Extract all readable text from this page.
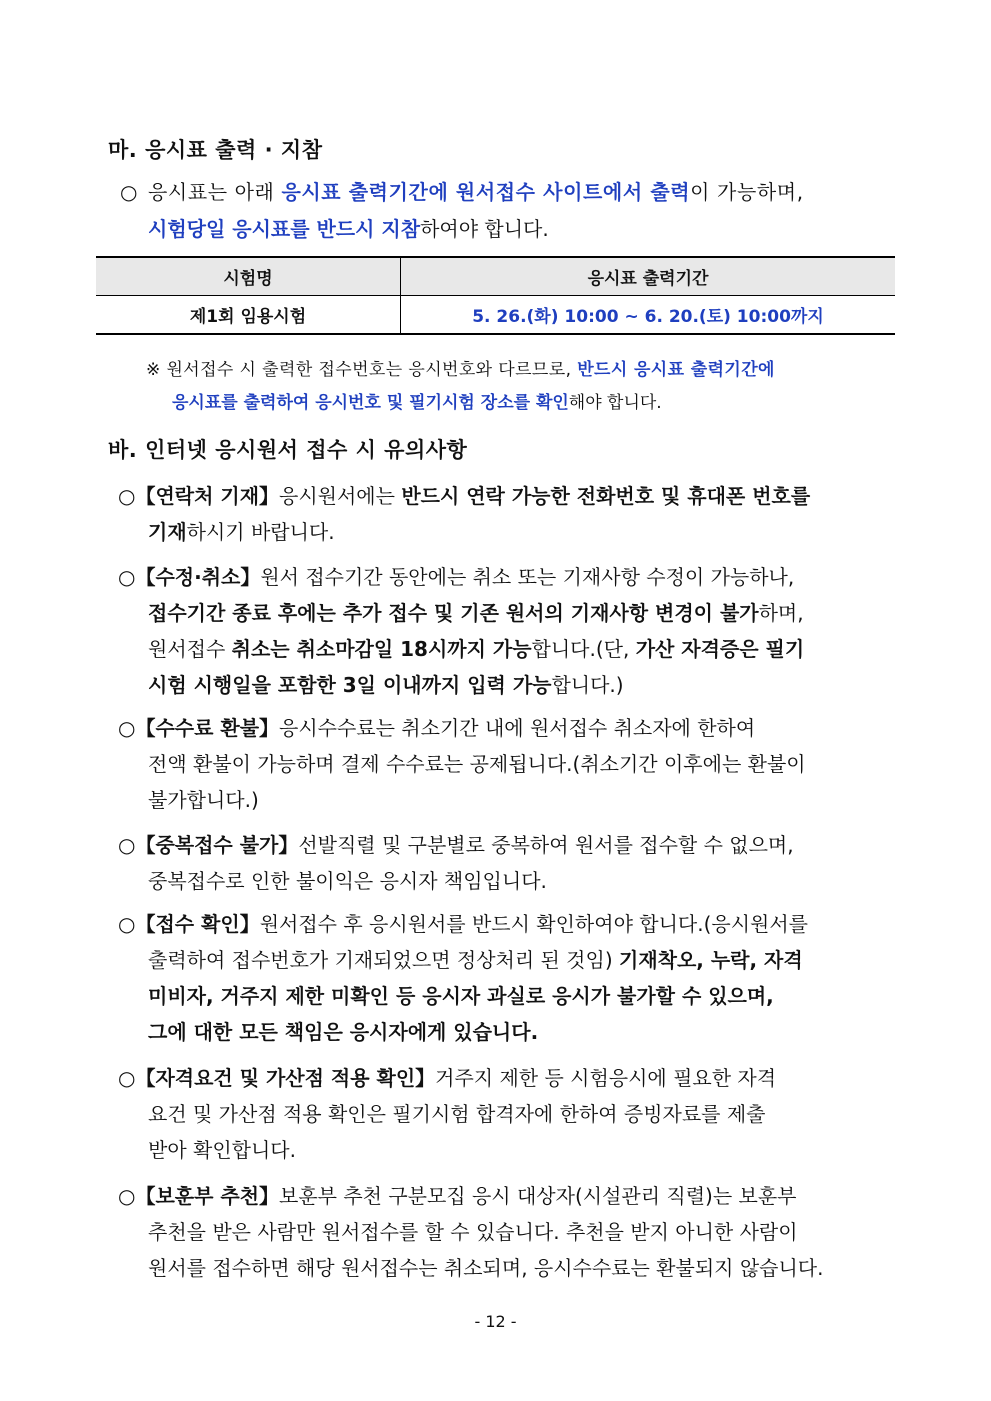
마. 응시표 출력 · 지참
○ 응시표는 아래 응시표 출력기간에 원서접수 사이트에서 출력이 가능하며,
시험당일 응시표를 반드시 지참하여야 합니다.
시험명	응시표 출력기간
제1회 임용시험	5. 26.(화) 10:00 ~ 6. 20.(토) 10:00까지
※ 원서접수 시 출력한 접수번호는 응시번호와 다르므로, 반드시 응시표 출력기간에
응시표를 출력하여 응시번호 및 필기시험 장소를 확인해야 합니다.
바. 인터넷 응시원서 접수 시 유의사항
○【연락처 기재】응시원서에는 반드시 연락 가능한 전화번호 및 휴대폰 번호를
기재하시기 바랍니다.
○【수정·취소】원서 접수기간 동안에는 취소 또는 기재사항 수정이 가능하나,
접수기간 종료 후에는 추가 접수 및 기존 원서의 기재사항 변경이 불가하며,
원서접수 취소는 취소마감일 18시까지 가능합니다.(단, 가산 자격증은 필기
시험 시행일을 포함한 3일 이내까지 입력 가능합니다.)
○【수수료 환불】응시수수료는 취소기간 내에 원서접수 취소자에 한하여
전액 환불이 가능하며 결제 수수료는 공제됩니다.(취소기간 이후에는 환불이
불가합니다.)
○【중복접수 불가】선발직렬 및 구분별로 중복하여 원서를 접수할 수 없으며,
중복접수로 인한 불이익은 응시자 책임입니다.
○【접수 확인】원서접수 후 응시원서를 반드시 확인하여야 합니다.(응시원서를
출력하여 접수번호가 기재되었으면 정상처리 된 것임) 기재착오, 누락, 자격
미비자, 거주지 제한 미확인 등 응시자 과실로 응시가 불가할 수 있으며,
그에 대한 모든 책임은 응시자에게 있습니다.
○【자격요건 및 가산점 적용 확인】거주지 제한 등 시험응시에 필요한 자격
요건 및 가산점 적용 확인은 필기시험 합격자에 한하여 증빙자료를 제출
받아 확인합니다.
○【보훈부 추천】보훈부 추천 구분모집 응시 대상자(시설관리 직렬)는 보훈부
추천을 받은 사람만 원서접수를 할 수 있습니다. 추천을 받지 아니한 사람이
원서를 접수하면 해당 원서접수는 취소되며, 응시수수료는 환불되지 않습니다.
- 12 -
